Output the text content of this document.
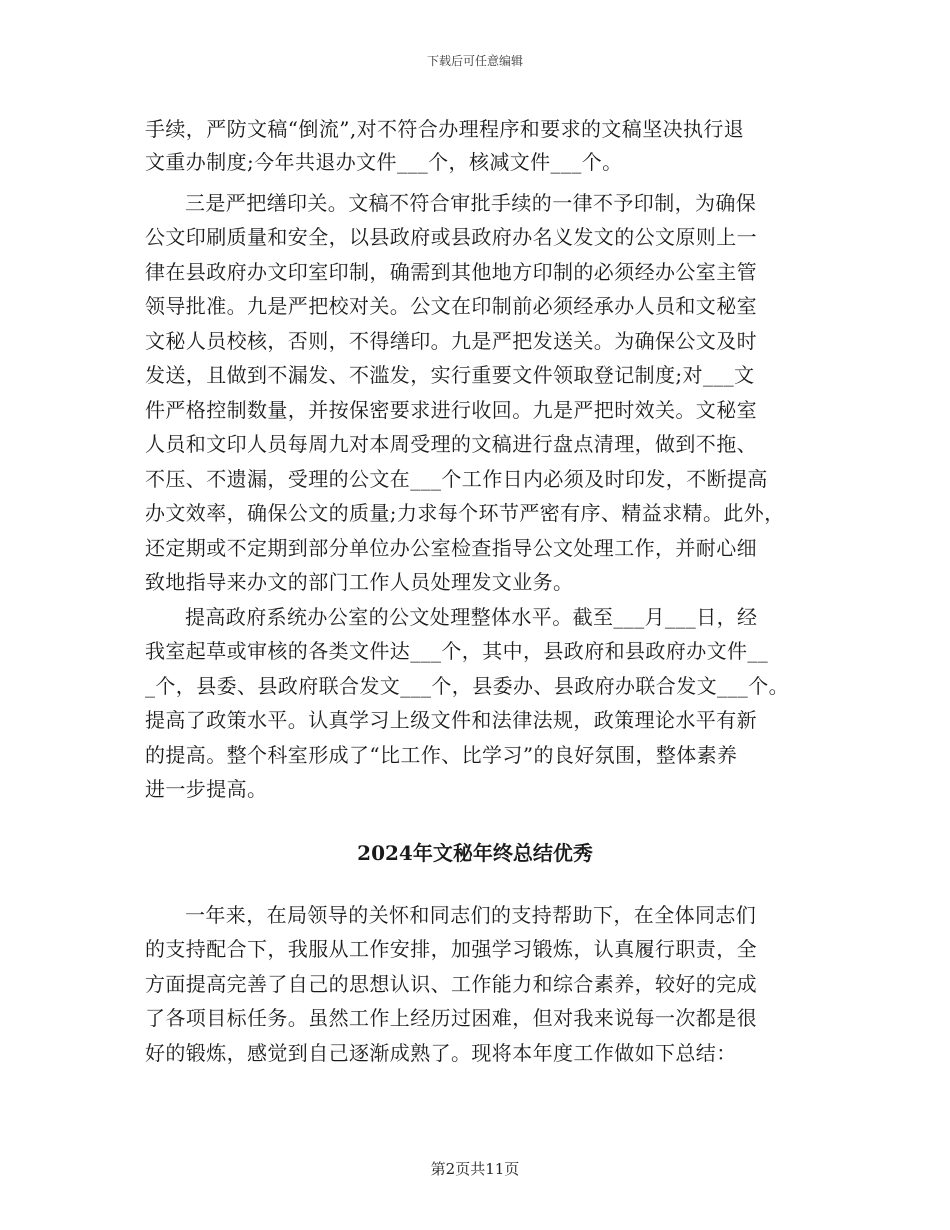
下载后可任意编辑
手续，严防文稿“倒流”,对不符合办理程序和要求的文稿坚决执行退
文重办制度;今年共退办文件___个，核减文件___个。
三是严把缮印关。文稿不符合审批手续的一律不予印制，为确保
公文印刷质量和安全，以县政府或县政府办名义发文的公文原则上一
律在县政府办文印室印制，确需到其他地方印制的必须经办公室主管
领导批准。九是严把校对关。公文在印制前必须经承办人员和文秘室
文秘人员校核，否则，不得缮印。九是严把发送关。为确保公文及时
发送，且做到不漏发、不滥发，实行重要文件领取登记制度;对___文
件严格控制数量，并按保密要求进行收回。九是严把时效关。文秘室
人员和文印人员每周九对本周受理的文稿进行盘点清理，做到不拖、
不压、不遗漏，受理的公文在___个工作日内必须及时印发，不断提高
办文效率，确保公文的质量;力求每个环节严密有序、精益求精。此外，
还定期或不定期到部分单位办公室检查指导公文处理工作，并耐心细
致地指导来办文的部门工作人员处理发文业务。
提高政府系统办公室的公文处理整体水平。截至___月___日，经
我室起草或审核的各类文件达___个，其中，县政府和县政府办文件__
_个，县委、县政府联合发文___个，县委办、县政府办联合发文___个。
提高了政策水平。认真学习上级文件和法律法规，政策理论水平有新
的提高。整个科室形成了“比工作、比学习”的良好氛围，整体素养
进一步提高。
2024年文秘年终总结优秀
一年来，在局领导的关怀和同志们的支持帮助下，在全体同志们
的支持配合下，我服从工作安排，加强学习锻炼，认真履行职责，全
方面提高完善了自己的思想认识、工作能力和综合素养，较好的完成
了各项目标任务。虽然工作上经历过困难，但对我来说每一次都是很
好的锻炼，感觉到自己逐渐成熟了。现将本年度工作做如下总结：
第2页共11页
